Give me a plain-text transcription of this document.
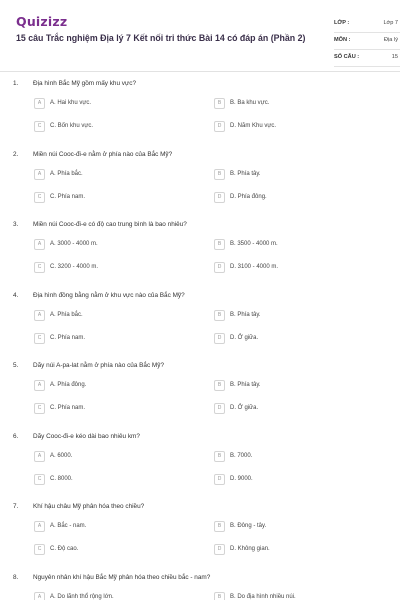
Quizizz
15 câu Trắc nghiệm Địa lý 7 Kết nối tri thức Bài 14 có đáp án (Phần 2)
LỚP :	Lớp 7
MÔN :	Địa lý
SỐ CÂU :	15
1. Địa hình Bắc Mỹ gồm mấy khu vực?
A	A. Hai khu vực.	B	B. Ba khu vực.
C	C. Bốn khu vực.	D	D. Năm Khu vực.
2. Miền núi Cooc-đi-e nằm ở phía nào của Bắc Mỹ?
A	A. Phía bắc.	B	B. Phía tây.
C	C. Phía nam.	D	D. Phía đông.
3. Miền núi Cooc-đi-e có độ cao trung bình là bao nhiêu?
A	A. 3000 - 4000 m.	B	B. 3500 - 4000 m.
C	C. 3200 - 4000 m.	D	D. 3100 - 4000 m.
4. Địa hình đồng bằng nằm ở khu vực nào của Bắc Mỹ?
A	A. Phía bắc.	B	B. Phía tây.
C	C. Phía nam.	D	D. Ở giữa.
5. Dãy núi A-pa-lat nằm ở phía nào của Bắc Mỹ?
A	A. Phía đông.	B	B. Phía tây.
C	C. Phía nam.	D	D. Ở giữa.
6. Dãy Cooc-đi-e kéo dài bao nhiêu km?
A	A. 6000.	B	B. 7000.
C	C. 8000.	D	D. 9000.
7. Khí hậu châu Mỹ phân hóa theo chiều?
A	A. Bắc - nam.	B	B. Đông - tây.
C	C. Độ cao.	D	D. Không gian.
8. Nguyên nhân khí hậu Bắc Mỹ phân hóa theo chiều bắc - nam?
A	A. Do lãnh thổ rộng lớn.	B	B. Do địa hình nhiều núi.
